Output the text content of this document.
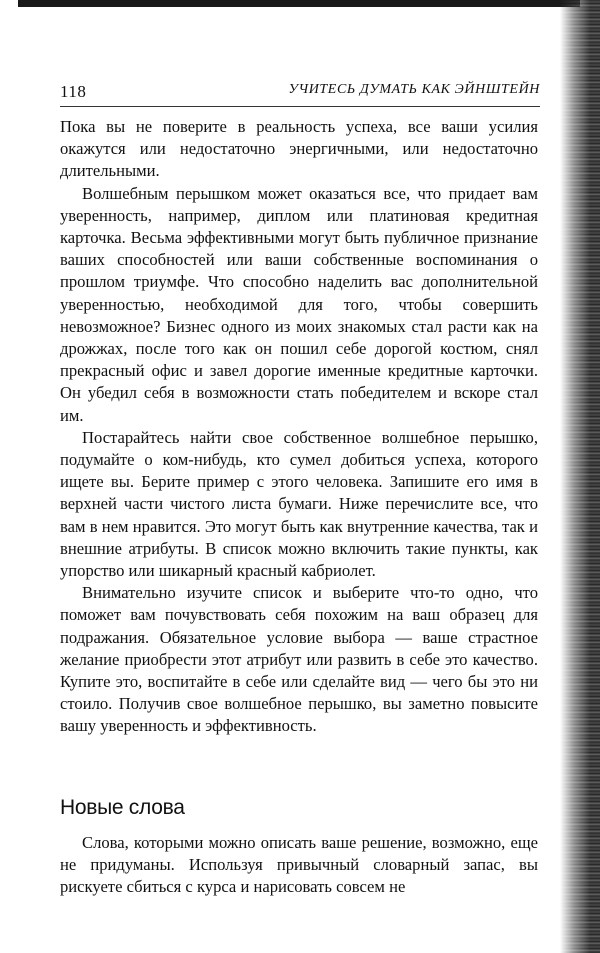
118	УЧИТЕСЬ ДУМАТЬ КАК ЭЙНШТЕЙН

Пока вы не поверите в реальность успеха, все ваши усилия окажутся или недостаточно энергичными, или недостаточно длительными.

Волшебным перышком может оказаться все, что придает вам уверенность, например, диплом или платиновая кредитная карточка. Весьма эффективными могут быть публичное признание ваших способностей или ваши собственные воспоминания о прошлом триумфе. Что способно наделить вас дополнительной уверенностью, необходимой для того, чтобы совершить невозможное? Бизнес одного из моих знакомых стал расти как на дрожжах, после того как он пошил себе дорогой костюм, снял прекрасный офис и завел дорогие именные кредитные карточки. Он убедил себя в возможности стать победителем и вскоре стал им.

Постарайтесь найти свое собственное волшебное перышко, подумайте о ком-нибудь, кто сумел добиться успеха, которого ищете вы. Берите пример с этого человека. Запишите его имя в верхней части чистого листа бумаги. Ниже перечислите все, что вам в нем нравится. Это могут быть как внутренние качества, так и внешние атрибуты. В список можно включить такие пункты, как упорство или шикарный красный кабриолет.

Внимательно изучите список и выберите что-то одно, что поможет вам почувствовать себя похожим на ваш образец для подражания. Обязательное условие выбора — ваше страстное желание приобрести этот атрибут или развить в себе это качество. Купите это, воспитайте в себе или сделайте вид — чего бы это ни стоило. Получив свое волшебное перышко, вы заметно повысите вашу уверенность и эффективность.

Новые слова

Слова, которыми можно описать ваше решение, возможно, еще не придуманы. Используя привычный словарный запас, вы рискуете сбиться с курса и нарисовать совсем не
